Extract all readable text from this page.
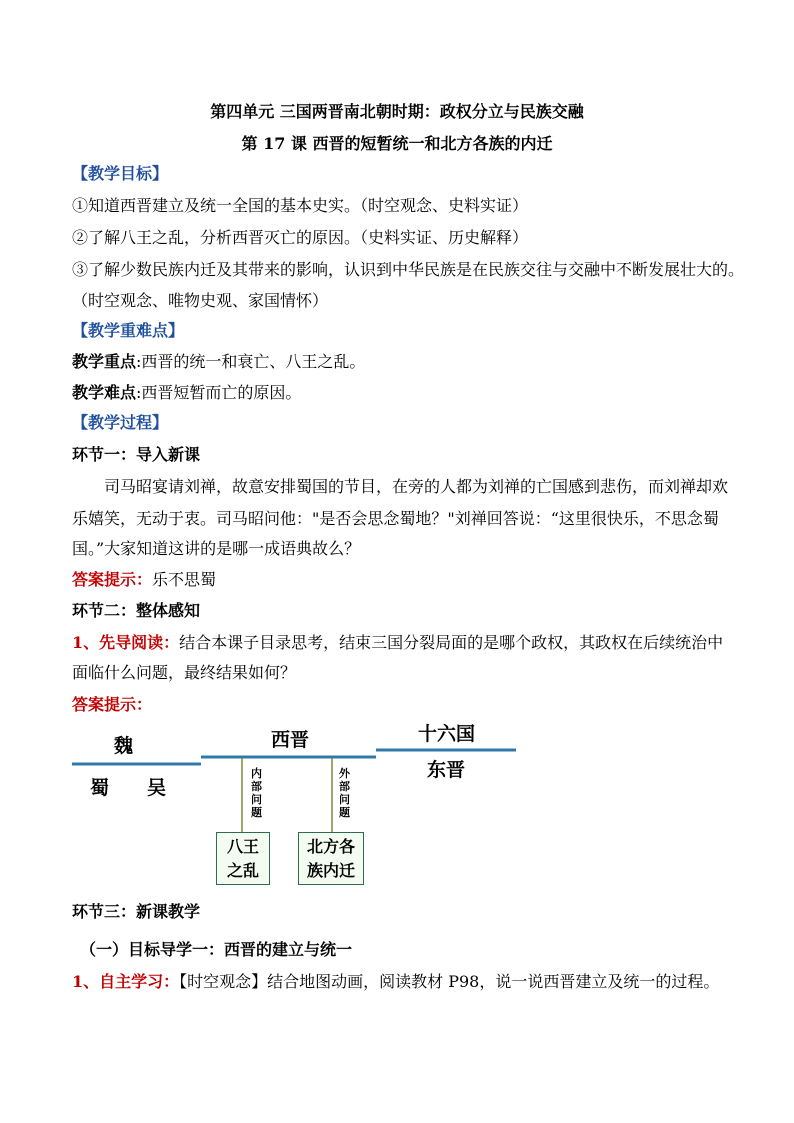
第四单元 三国两晋南北朝时期：政权分立与民族交融
第 17 课 西晋的短暂统一和北方各族的内迁
【教学目标】
①知道西晋建立及统一全国的基本史实。（时空观念、史料实证）
②了解八王之乱，分析西晋灭亡的原因。（史料实证、历史解释）
③了解少数民族内迁及其带来的影响，认识到中华民族是在民族交往与交融中不断发展壮大的。
（时空观念、唯物史观、家国情怀）
【教学重难点】
教学重点:西晋的统一和衰亡、八王之乱。
教学难点:西晋短暂而亡的原因。
【教学过程】
环节一：导入新课
司马昭宴请刘禅，故意安排蜀国的节目，在旁的人都为刘禅的亡国感到悲伤，而刘禅却欢
乐嬉笑，无动于衷。司马昭问他："是否会思念蜀地？"刘禅回答说：“这里很快乐，不思念蜀
国。”大家知道这讲的是哪一成语典故么？
答案提示：乐不思蜀
环节二：整体感知
1、先导阅读：结合本课子目录思考，结束三国分裂局面的是哪个政权，其政权在后续统治中
面临什么问题，最终结果如何？
答案提示：
魏
蜀 吴
西晋	十六国
东晋
内
部
问
题
外
部
问
题
八王
之乱
北方各
族内迁
环节三：新课教学
（一）目标导学一：西晋的建立与统一
1、自主学习：【时空观念】结合地图动画，阅读教材 P98，说一说西晋建立及统一的过程。
